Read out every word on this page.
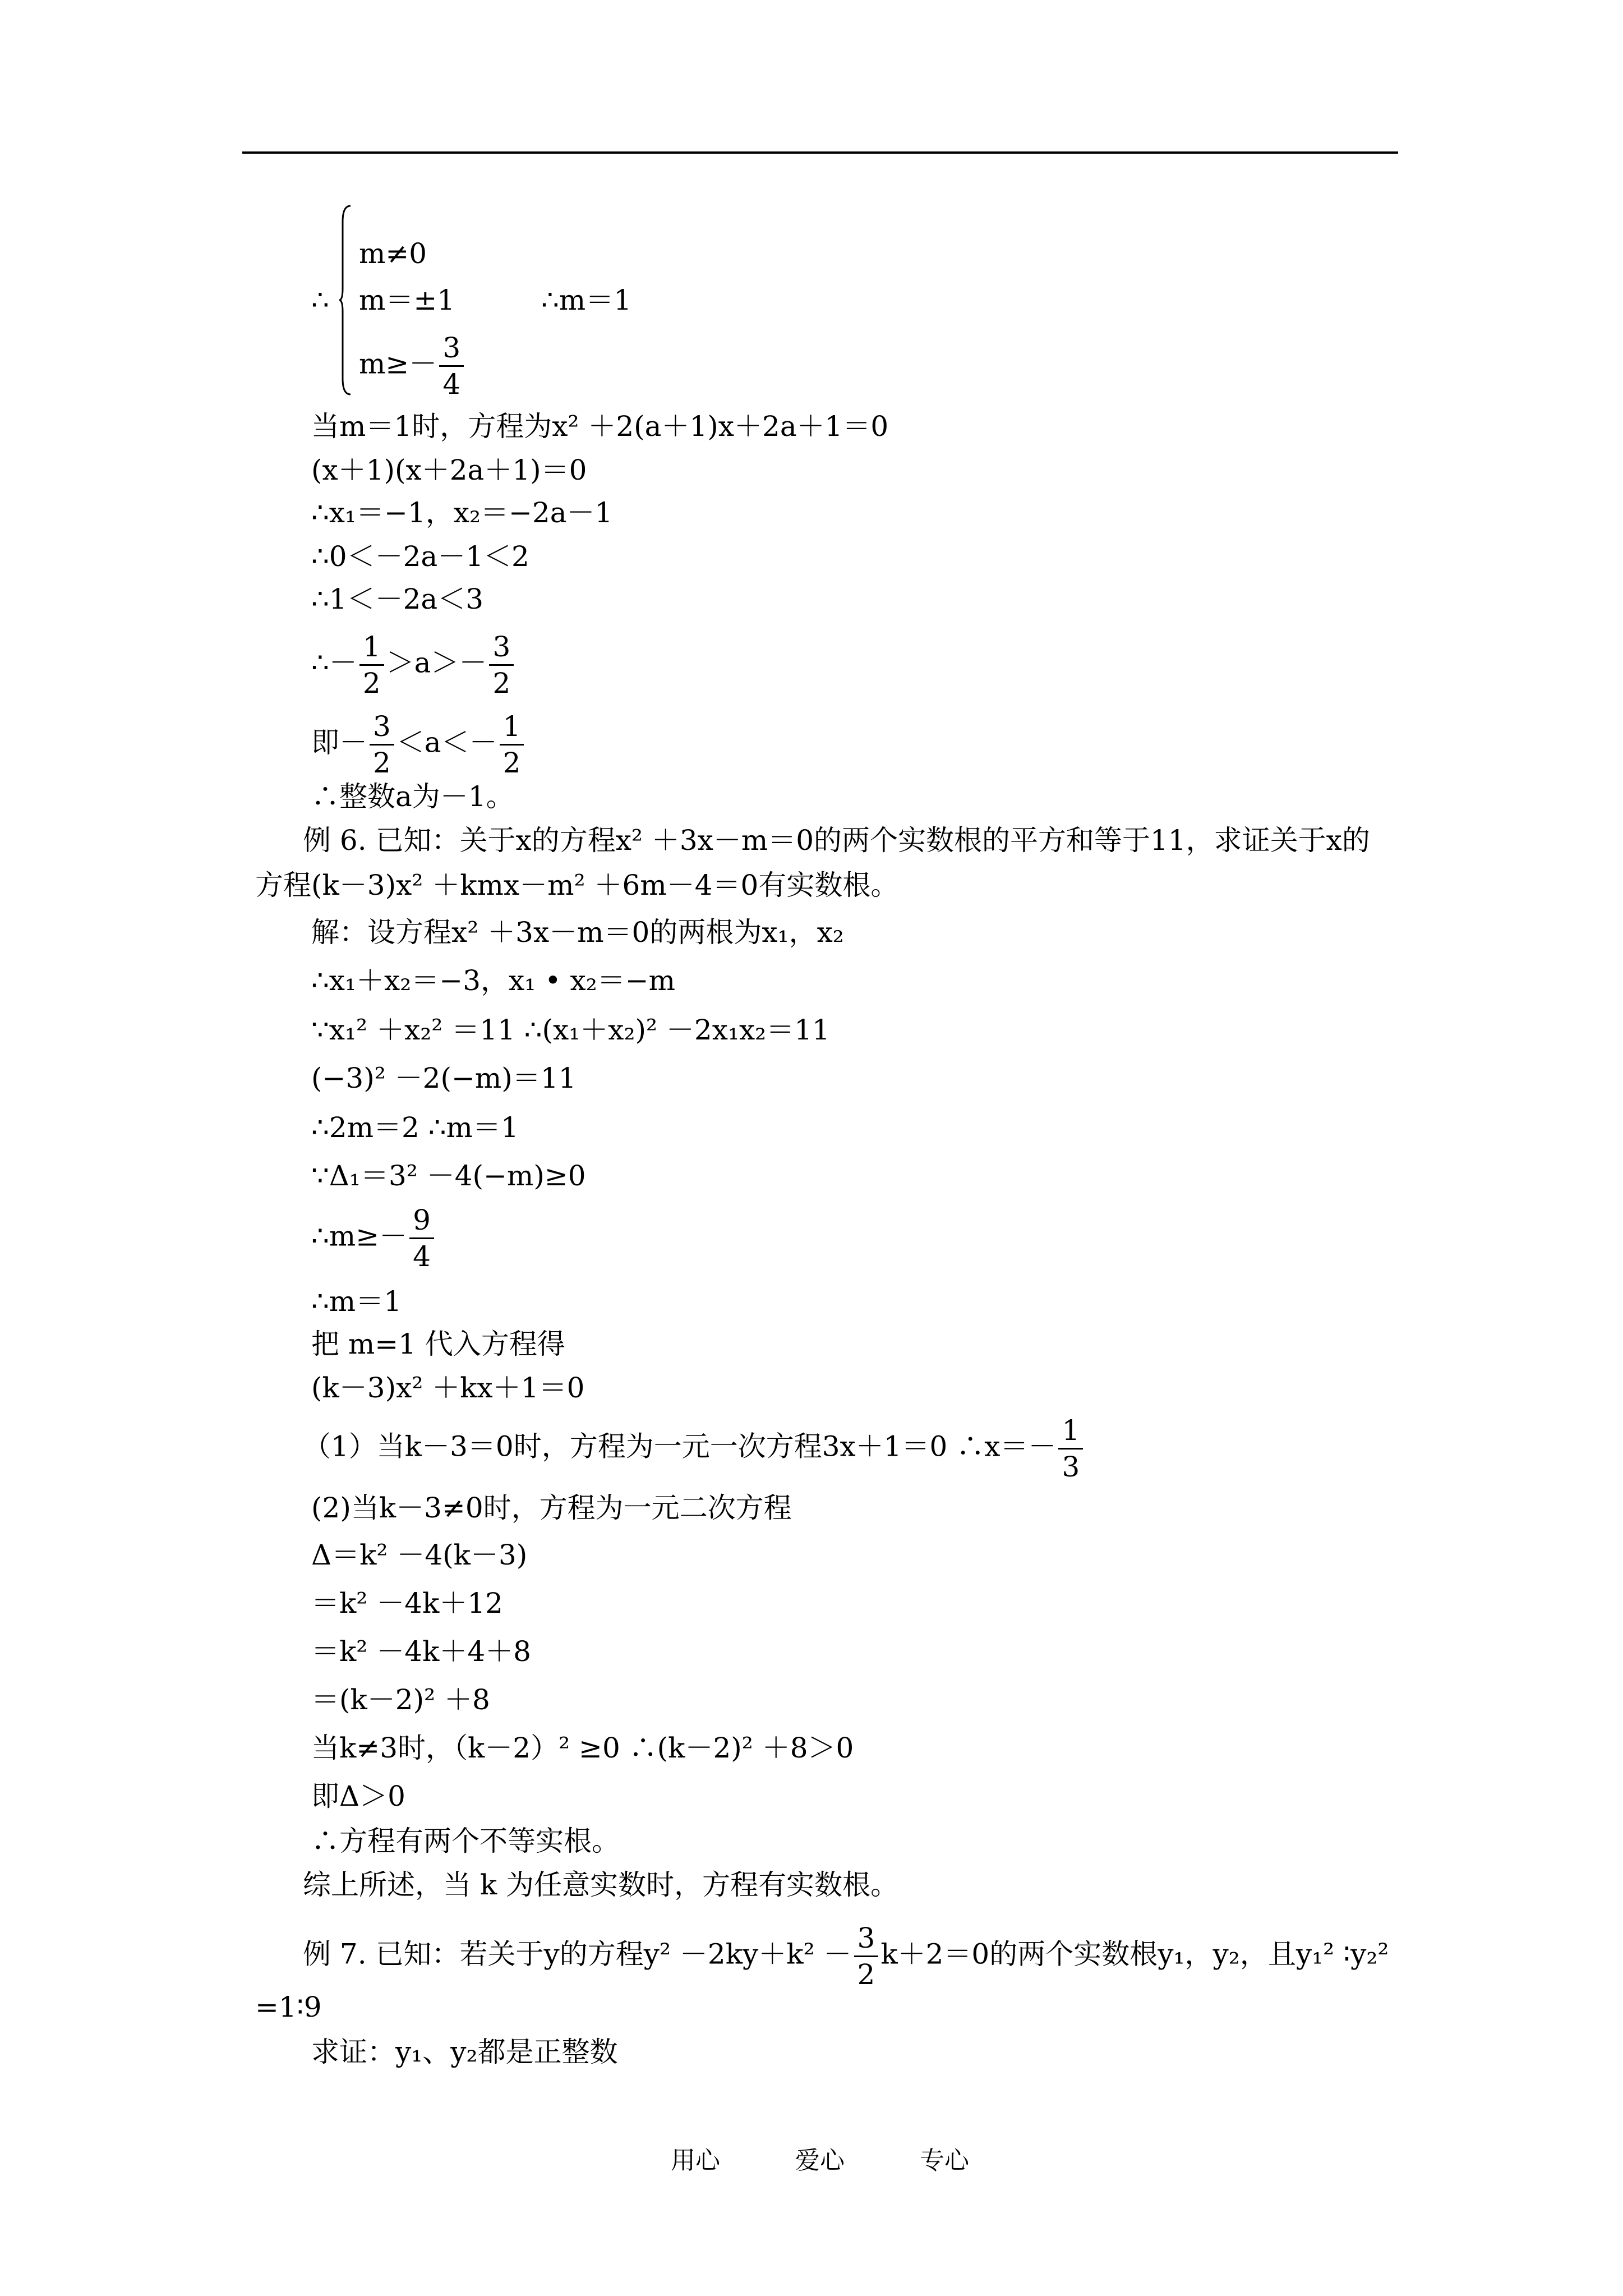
∴
m≠0
m＝±1
$m\ge- \frac{3}{4}$
∴m＝1
当m＝1时，方程为x² ＋2(a＋1)x＋2a＋1＝0
(x＋1)(x＋2a＋1)＝0
∴x₁＝−1，x₂＝−2a－1
∴0＜－2a－1＜2
∴1＜－2a＜3
∴－ $\frac{1}{2} >a>- \frac{3}{2}$
即－ $\frac{3}{2} <a<- \frac{1}{2}$
∴整数a为－1。
例 6. 已知：关于x的方程x² ＋3x－m＝0的两个实数根的平方和等于11，求证关于x的
方程(k－3)x² ＋kmx－m² ＋6m－4＝0有实数根。
解：设方程x² ＋3x－m＝0的两根为x₁，x₂
∴x₁＋x₂＝−3，x₁ • x₂＝−m
∵x₁² ＋x₂² ＝11 ∴(x₁＋x₂)² －2x₁x₂＝11
(−3)² －2(−m)＝11
∴2m＝2 ∴m＝1
∵Δ₁＝3² －4(−m)≥0
∴m≥－ $\frac{9}{4}$
∴m＝1
把 m=1 代入方程得
(k－3)x² ＋kx＋1＝0
（1）当k－3＝0时，方程为一元一次方程3x＋1＝0 ∴x＝－ $\frac{1}{3}$
(2)当k－3≠0时，方程为一元二次方程
Δ＝k² －4(k－3)
＝k² －4k＋12
＝k² －4k＋4＋8
＝(k－2)² ＋8
当k≠3时，（k－2）² ≥0 ∴(k－2)² ＋8＞0
即Δ＞0
∴方程有两个不等实根。
综上所述，当 k 为任意实数时，方程有实数根。
例 7. 已知：若关于y的方程$y^2 -2ky+k^2 - \frac{3}{2} k+2=0$的两个实数根y₁，y₂，且y₁² ∶y₂²
=1∶9
求证：y₁、y₂都是正整数
用心	爱心	专心
